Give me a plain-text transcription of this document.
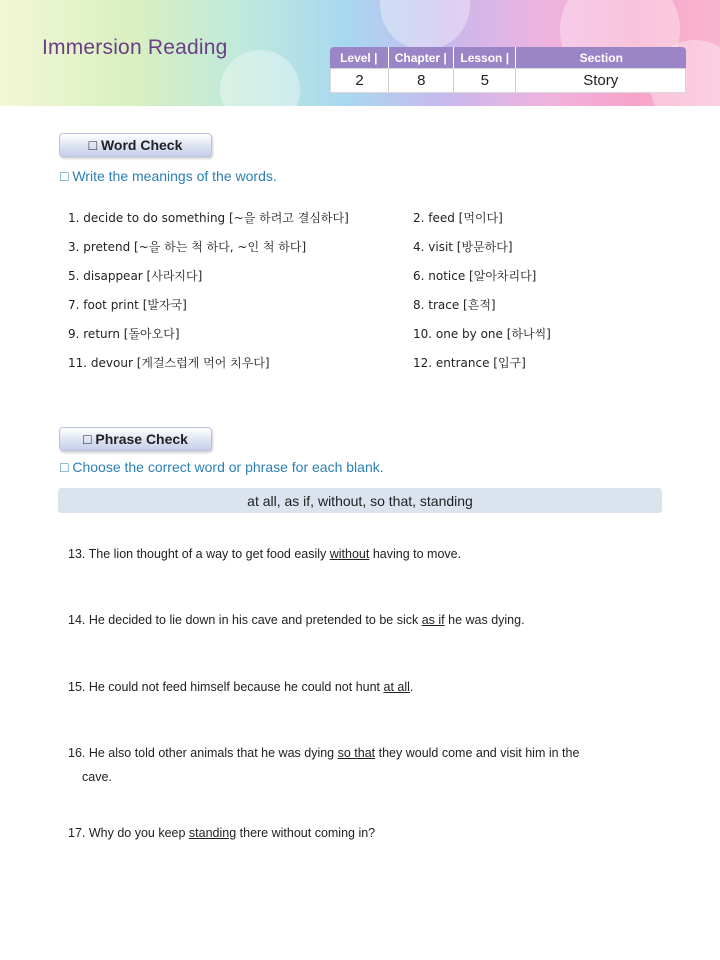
Immersion Reading	Level |	Chapter |	Lesson |	Section
2	8	5	Story
□ Word Check
□ Write the meanings of the words.
1. decide to do something [~을 하려고 결심하다]	2. feed [먹이다]
3. pretend [~을 하는 척 하다, ~인 척 하다]	4. visit [방문하다]
5. disappear [사라지다]	6. notice [알아차리다]
7. foot print [발자국]	8. trace [흔적]
9. return [돌아오다]	10. one by one [하나씩]
11. devour [게걸스럽게 먹어 치우다]	12. entrance [입구]
□ Phrase Check
□ Choose the correct word or phrase for each blank.
at all, as if, without, so that, standing
13. The lion thought of a way to get food easily without having to move.
14. He decided to lie down in his cave and pretended to be sick as if he was dying.
15. He could not feed himself because he could not hunt at all.
16. He also told other animals that he was dying so that they would come and visit him in the
cave.
17. Why do you keep standing there without coming in?
